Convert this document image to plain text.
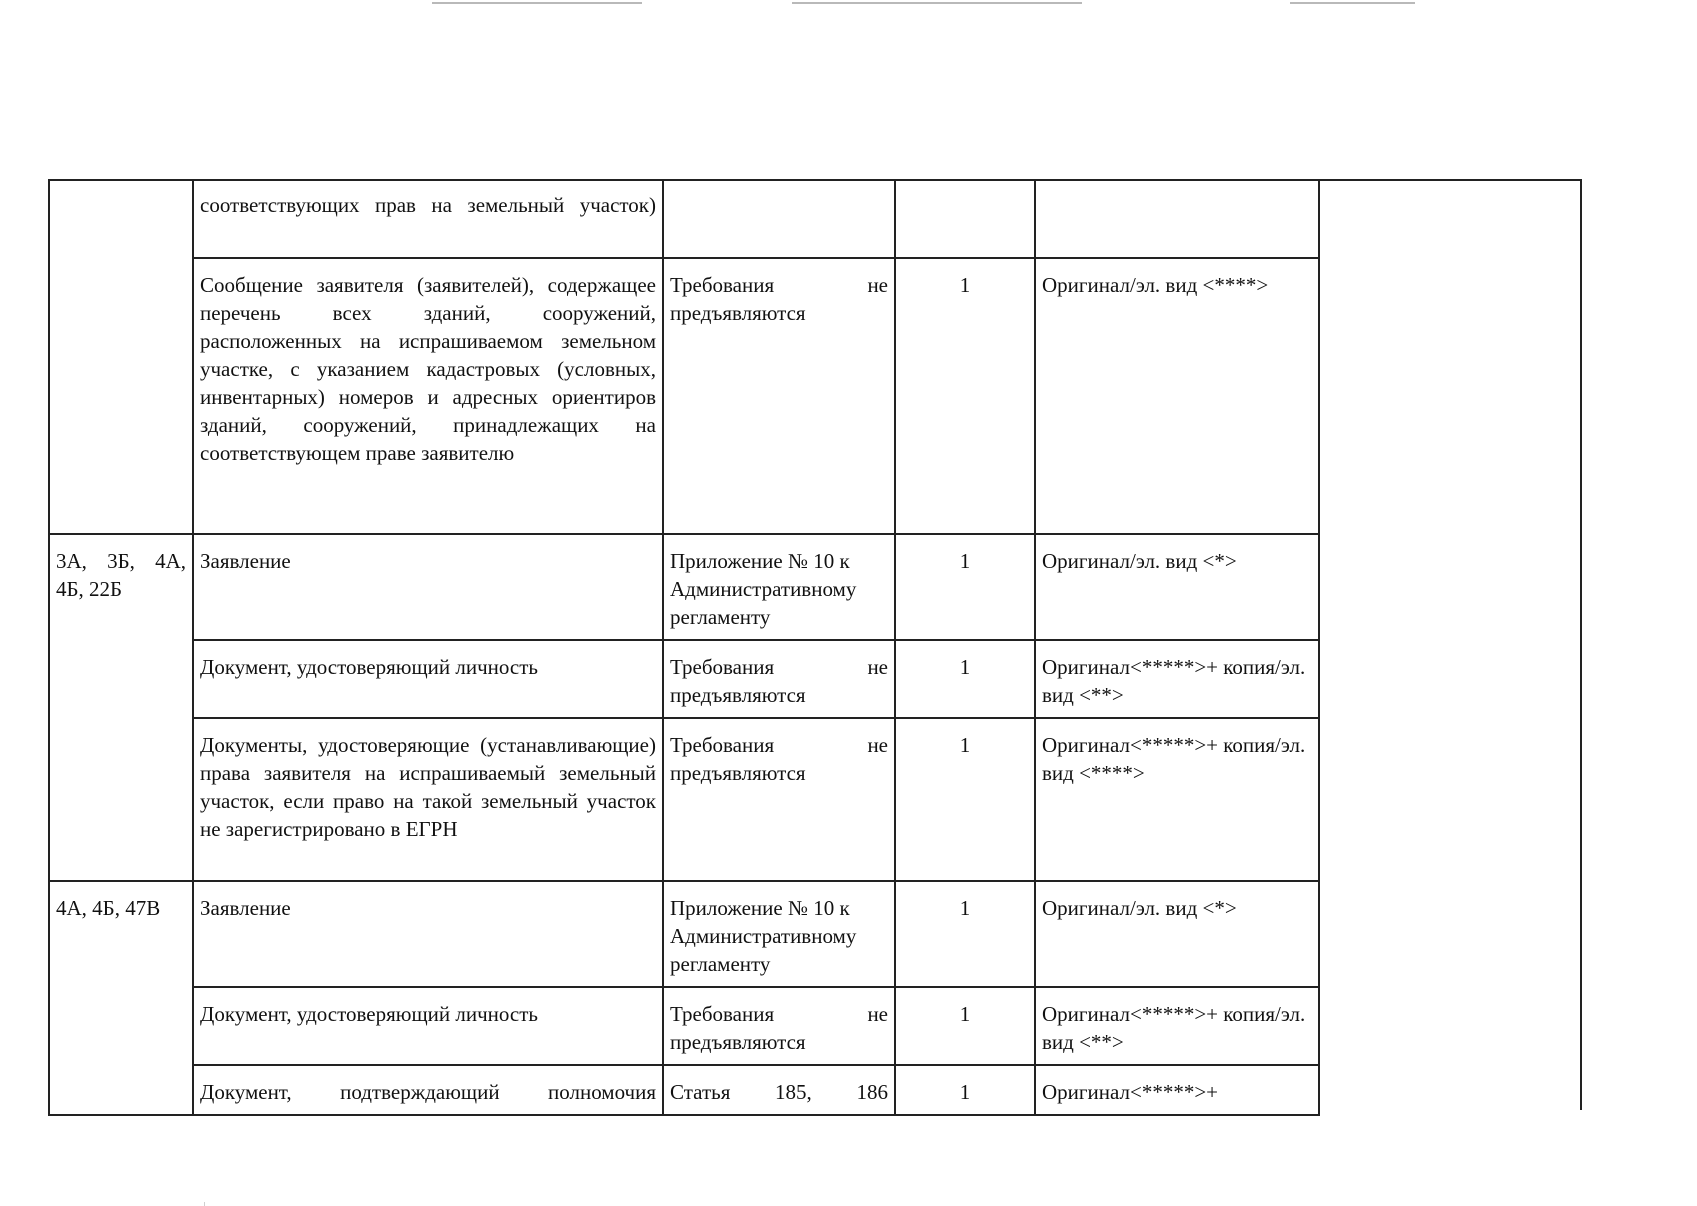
	соответствующих прав на земельный участок)			
	Сообщение заявителя (заявителей), содержащее перечень всех зданий, сооружений, расположенных на испрашиваемом земельном участке, с указанием кадастровых (условных, инвентарных) номеров и адресных ориентиров зданий, сооружений, принадлежащих на соответствующем праве заявителю	Требования не предъявляются	1	Оригинал/эл. вид <****>
3А, 3Б, 4А, 4Б, 22Б	Заявление	Приложение № 10 к Административному регламенту	1	Оригинал/эл. вид <*>
	Документ, удостоверяющий личность	Требования не предъявляются	1	Оригинал<*****>+ копия/эл. вид <**>
	Документы, удостоверяющие (устанавливающие) права заявителя на испрашиваемый земельный участок, если право на такой земельный участок не зарегистрировано в ЕГРН	Требования не предъявляются	1	Оригинал<*****>+ копия/эл. вид <****>
4А, 4Б, 47В	Заявление	Приложение № 10 к Административному регламенту	1	Оригинал/эл. вид <*>
	Документ, удостоверяющий личность	Требования не предъявляются	1	Оригинал<*****>+ копия/эл. вид <**>
	Документ, подтверждающий полномочия	Статья 185, 186	1	Оригинал<*****>+
